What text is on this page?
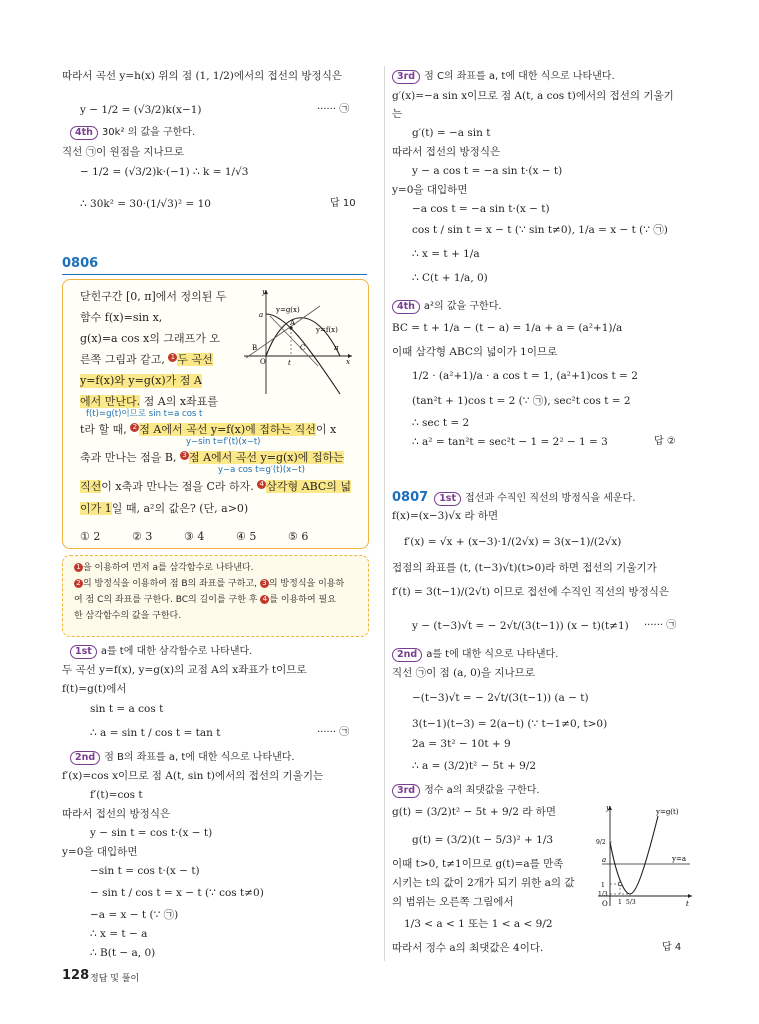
따라서 곡선 y=h(x) 위의 점 (1, 1/2)에서의 접선의 방정식은
y − 1/2 = (√3/2)k(x−1)	······ ㉠
4th 30k² 의 값을 구한다.
직선 ㉠이 원점을 지나므로
− 1/2 = (√3/2)k·(−1) ∴ k = 1/√3
∴ 30k² = 30·(1/√3)² = 10	답 10
0806
닫힌구간 [0, π]에서 정의된 두
함수 f(x)=sin x,
g(x)=a cos x의 그래프가 오
른쪽 그림과 같고, 1 두 곡선
y=f(x)와 y=g(x)가 점 A
에서 만난다. 점 A의 x좌표를
f(t)=g(t)이므로 sin t=a cos t
t라 할 때, 2 점 A에서 곡선 y=f(x)에 접하는 직선이 x
y−sin t=f′(t)(x−t)
축과 만나는 점을 B, 3 점 A에서 곡선 y=g(x)에 접하는
y−a cos t=g′(t)(x−t)
직선이 x축과 만나는 점을 C라 하자. 4 삼각형 ABC의 넓
이가 1일 때, a²의 값은? (단, a>0)
① 2	② 3	③ 4	④ 5	⑤ 6
y
x
O
a
y=g(x)
y=f(x)
A
B	C
t
π
1 을 이용하여 먼저 a를 삼각함수로 나타낸다.
2 의 방정식을 이용하여 점 B의 좌표를 구하고, 3 의 방정식을 이용하
여 점 C의 좌표를 구한다. BC의 길이를 구한 후 4 를 이용하여 필요
한 삼각함수의 값을 구한다.
1st a를 t에 대한 삼각함수로 나타낸다.
두 곡선 y=f(x), y=g(x)의 교점 A의 x좌표가 t이므로
f(t)=g(t)에서
sin t = a cos t
∴ a = sin t / cos t = tan t	······ ㉠
2nd 점 B의 좌표를 a, t에 대한 식으로 나타낸다.
f′(x)=cos x이므로 점 A(t, sin t)에서의 접선의 기울기는
f′(t)=cos t
따라서 접선의 방정식은
y − sin t = cos t·(x − t)
y=0을 대입하면
−sin t = cos t·(x − t)
− sin t / cos t = x − t (∵ cos t≠0)
−a = x − t (∵ ㉠)
∴ x = t − a
∴ B(t − a, 0)
3rd 점 C의 좌표를 a, t에 대한 식으로 나타낸다.
g′(x)=−a sin x이므로 점 A(t, a cos t)에서의 접선의 기울기
는
g′(t) = −a sin t
따라서 접선의 방정식은
y − a cos t = −a sin t·(x − t)
y=0을 대입하면
−a cos t = −a sin t·(x − t)
cos t / sin t = x − t (∵ sin t≠0), 1/a = x − t (∵ ㉠)
∴ x = t + 1/a
∴ C(t + 1/a, 0)
4th a²의 값을 구한다.
BC = t + 1/a − (t − a) = 1/a + a = (a²+1)/a
이때 삼각형 ABC의 넓이가 1이므로
1/2 · (a²+1)/a · a cos t = 1, (a²+1)cos t = 2
(tan²t + 1)cos t = 2 (∵ ㉠), sec²t cos t = 2
∴ sec t = 2
∴ a² = tan²t = sec²t − 1 = 2² − 1 = 3	답 ②
0807 1st 접선과 수직인 직선의 방정식을 세운다.
f(x)=(x−3)√x 라 하면
f′(x) = √x + (x−3)·1/(2√x) = 3(x−1)/(2√x)
접점의 좌표를 (t, (t−3)√t)(t>0)라 하면 접선의 기울기가
f′(t) = 3(t−1)/(2√t) 이므로 접선에 수직인 직선의 방정식은
y − (t−3)√t = − 2√t/(3(t−1)) (x − t)(t≠1) ······ ㉠
2nd a를 t에 대한 식으로 나타낸다.
직선 ㉠이 점 (a, 0)을 지나므로
−(t−3)√t = − 2√t/(3(t−1)) (a − t)
3(t−1)(t−3) = 2(a−t) (∵ t−1≠0, t>0)
2a = 3t² − 10t + 9
∴ a = (3/2)t² − 5t + 9/2
3rd 정수 a의 최댓값을 구한다.
g(t) = (3/2)t² − 5t + 9/2 라 하면
g(t) = (3/2)(t − 5/3)² + 1/3
이때 t>0, t≠1이므로 g(t)=a를 만족
시키는 t의 값이 2개가 되기 위한 a의 값
의 범위는 오른쪽 그림에서
1/3 < a < 1 또는 1 < a < 9/2
따라서 정수 a의 최댓값은 4이다.	답 4
y
t
O
y=g(t)
y=a
a
9/2
1
1/3
1 5/3
128 정답 및 풀이
